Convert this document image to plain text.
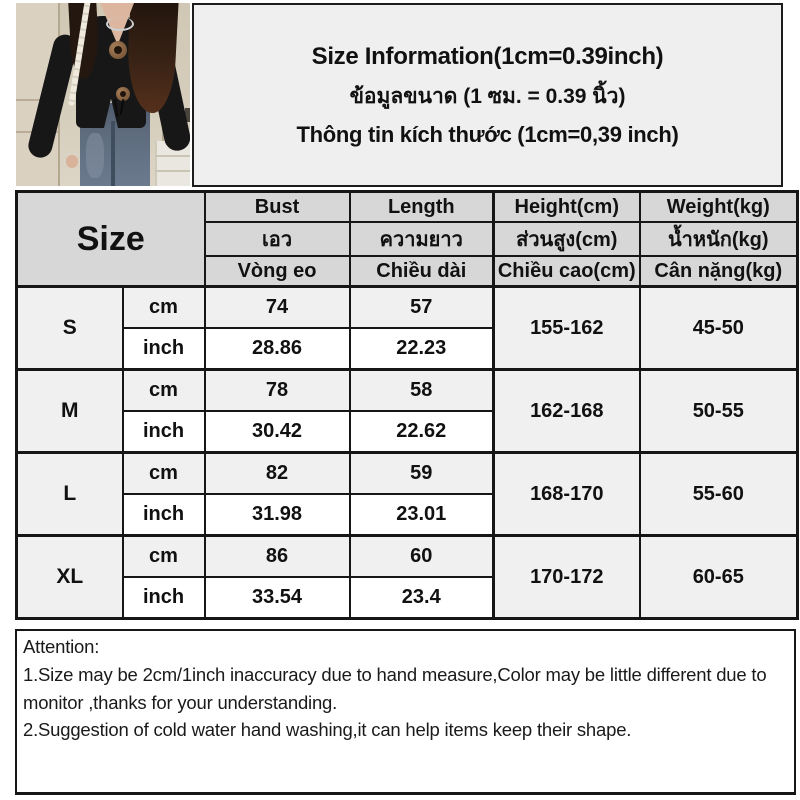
Size Information(1cm=0.39inch)
ข้อมูลขนาด (1 ซม. = 0.39 นิ้ว)
Thông tin kích thước (1cm=0,39 inch)
Size		Bust	Length	Height(cm)	Weight(kg)
		เอว	ความยาว	ส่วนสูง(cm)	น้ำหนัก(kg)
		Vòng eo	Chiều dài	Chiều cao(cm)	Cân nặng(kg)
S	cm	74	57	155-162	45-50
	inch	28.86	22.23		
M	cm	78	58	162-168	50-55
	inch	30.42	22.62		
L	cm	82	59	168-170	55-60
	inch	31.98	23.01		
XL	cm	86	60	170-172	60-65
	inch	33.54	23.4		
Attention:
1.Size may be 2cm/1inch inaccuracy due to hand measure,Color may be little different due to monitor ,thanks for your understanding.
2.Suggestion of cold water hand washing,it can help items keep their shape.
